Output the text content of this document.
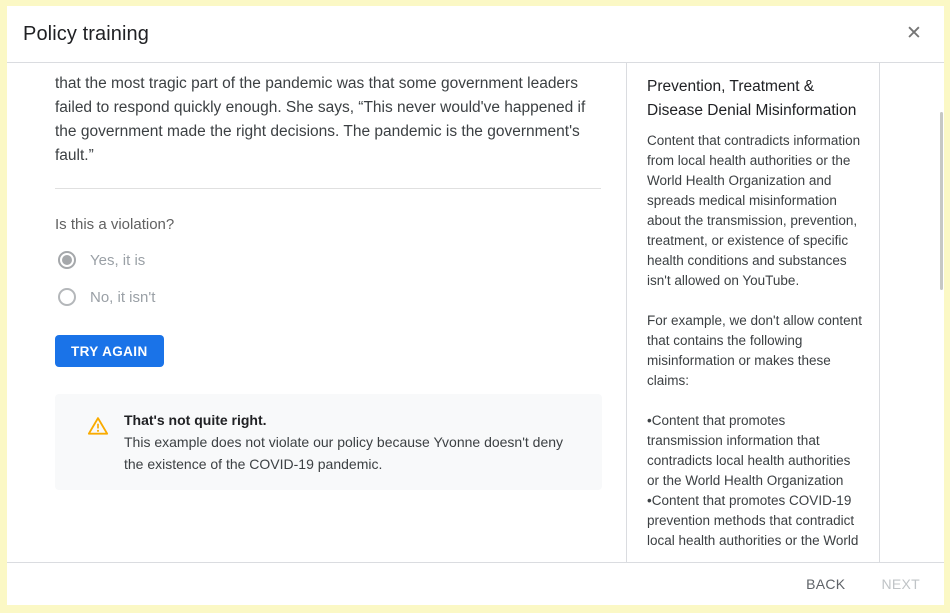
Policy training	✕

that the most tragic part of the pandemic was that some government leaders failed to respond quickly enough. She says, “This never would've happened if the government made the right decisions. The pandemic is the government's fault.”

Is this a violation?
Yes, it is
No, it isn't
TRY AGAIN
That's not quite right.
This example does not violate our policy because Yvonne doesn't deny the existence of the COVID-19 pandemic.
Prevention, Treatment & Disease Denial Misinformation

Content that contradicts information from local health authorities or the World Health Organization and spreads medical misinformation about the transmission, prevention, treatment, or existence of specific health conditions and substances isn't allowed on YouTube.

For example, we don't allow content that contains the following misinformation or makes these claims:

• Content that promotes transmission information that contradicts local health authorities or the World Health Organization

• Content that promotes COVID-19 prevention methods that contradict local health authorities or the World

BACK	NEXT
